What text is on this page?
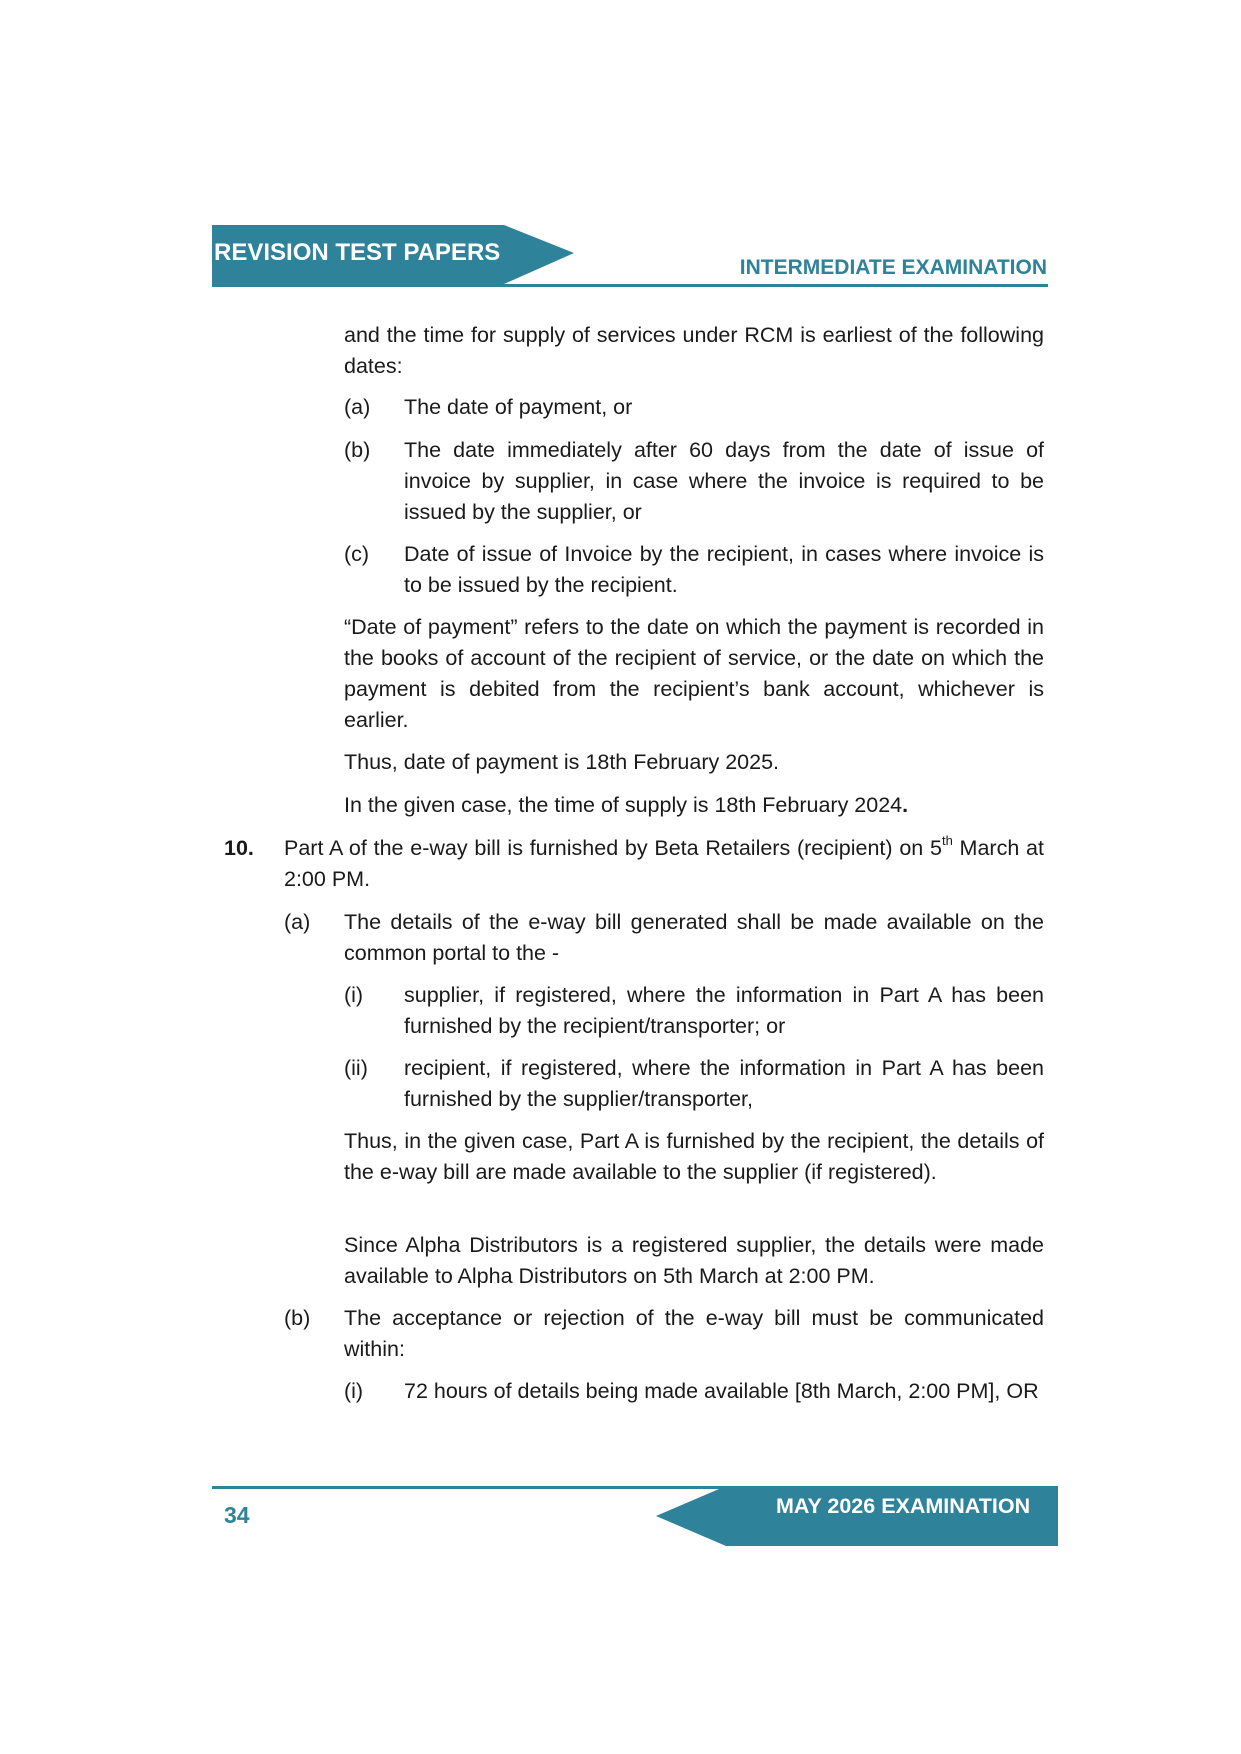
REVISION TEST PAPERS
INTERMEDIATE EXAMINATION
and the time for supply of services under RCM is earliest of the following dates:
(a) The date of payment, or
(b) The date immediately after 60 days from the date of issue of invoice by supplier, in case where the invoice is required to be issued by the supplier, or
(c) Date of issue of Invoice by the recipient, in cases where invoice is to be issued by the recipient.
“Date of payment” refers to the date on which the payment is recorded in the books of account of the recipient of service, or the date on which the payment is debited from the recipient’s bank account, whichever is earlier.
Thus, date of payment is 18th February 2025.
In the given case, the time of supply is 18th February 2024.
10. Part A of the e-way bill is furnished by Beta Retailers (recipient) on 5th March at 2:00 PM.
(a) The details of the e-way bill generated shall be made available on the common portal to the -
(i) supplier, if registered, where the information in Part A has been furnished by the recipient/transporter; or
(ii) recipient, if registered, where the information in Part A has been furnished by the supplier/transporter,
Thus, in the given case, Part A is furnished by the recipient, the details of the e-way bill are made available to the supplier (if registered).
Since Alpha Distributors is a registered supplier, the details were made available to Alpha Distributors on 5th March at 2:00 PM.
(b) The acceptance or rejection of the e-way bill must be communicated within:
(i) 72 hours of details being made available [8th March, 2:00 PM], OR
MAY 2026 EXAMINATION
34
